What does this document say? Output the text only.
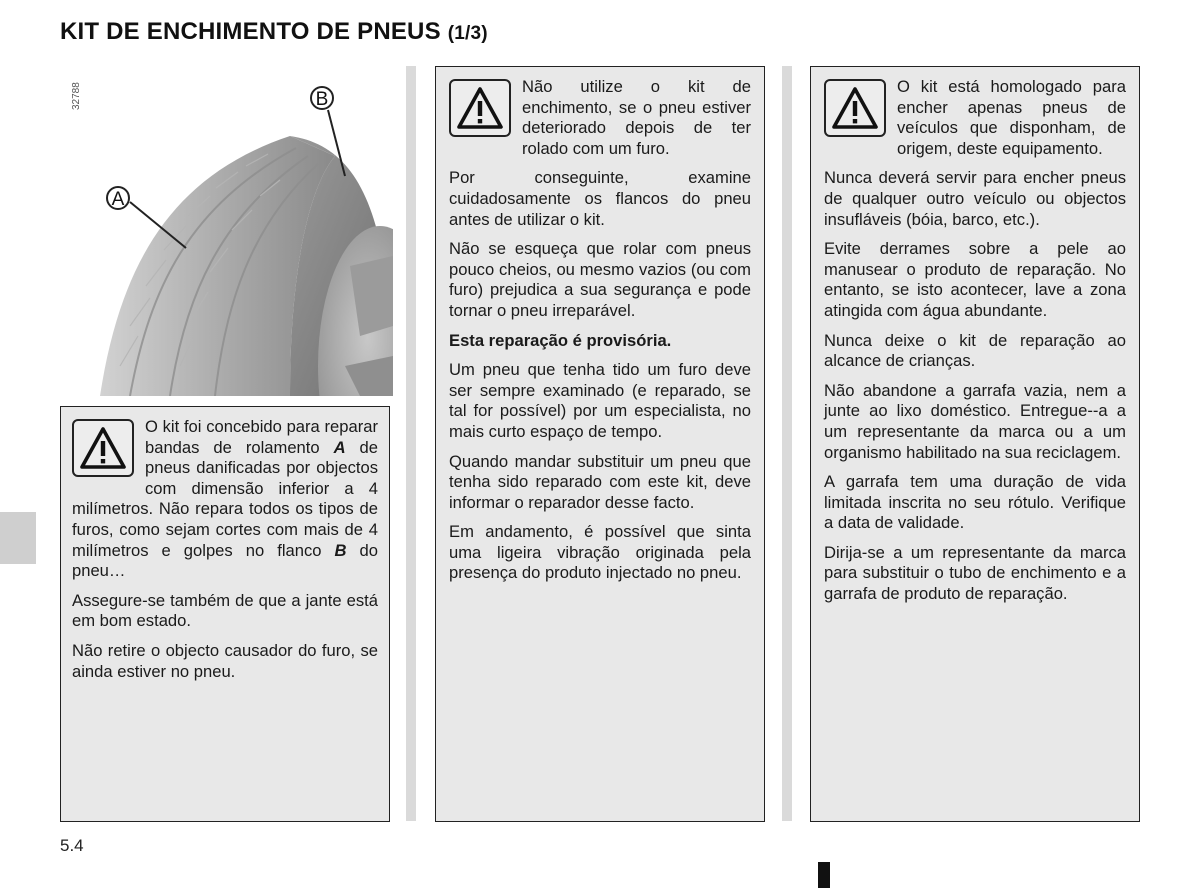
KIT DE ENCHIMENTO DE PNEUS (1/3)
A
B
32788

O kit foi concebido para reparar bandas de rolamento A de pneus danificadas por objectos com dimensão inferior a 4 milímetros. Não repara todos os tipos de furos, como sejam cortes com mais de 4 milímetros e golpes no flanco B do pneu…

Assegure-se também de que a jante está em bom estado.

Não retire o objecto causador do furo, se ainda estiver no pneu.

Não utilize o kit de enchimento, se o pneu estiver deteriorado depois de ter rolado com um furo.

Por conseguinte, examine cuidadosamente os flancos do pneu antes de utilizar o kit.

Não se esqueça que rolar com pneus pouco cheios, ou mesmo vazios (ou com furo) prejudica a sua segurança e pode tornar o pneu irreparável.

Esta reparação é provisória.

Um pneu que tenha tido um furo deve ser sempre examinado (e reparado, se tal for possível) por um especialista, no mais curto espaço de tempo.

Quando mandar substituir um pneu que tenha sido reparado com este kit, deve informar o reparador desse facto.

Em andamento, é possível que sinta uma ligeira vibração originada pela presença do produto injectado no pneu.

O kit está homologado para encher apenas pneus de veículos que disponham, de origem, deste equipamento.

Nunca deverá servir para encher pneus de qualquer outro veículo ou objectos insufláveis (bóia, barco, etc.).

Evite derrames sobre a pele ao manusear o produto de reparação. No entanto, se isto acontecer, lave a zona atingida com água abundante.

Nunca deixe o kit de reparação ao alcance de crianças.

Não abandone a garrafa vazia, nem a junte ao lixo doméstico. Entregue--a a um representante da marca ou a um organismo habilitado na sua reciclagem.

A garrafa tem uma duração de vida limitada inscrita no seu rótulo. Verifique a data de validade.

Dirija-se a um representante da marca para substituir o tubo de enchimento e a garrafa de produto de reparação.

5.4
